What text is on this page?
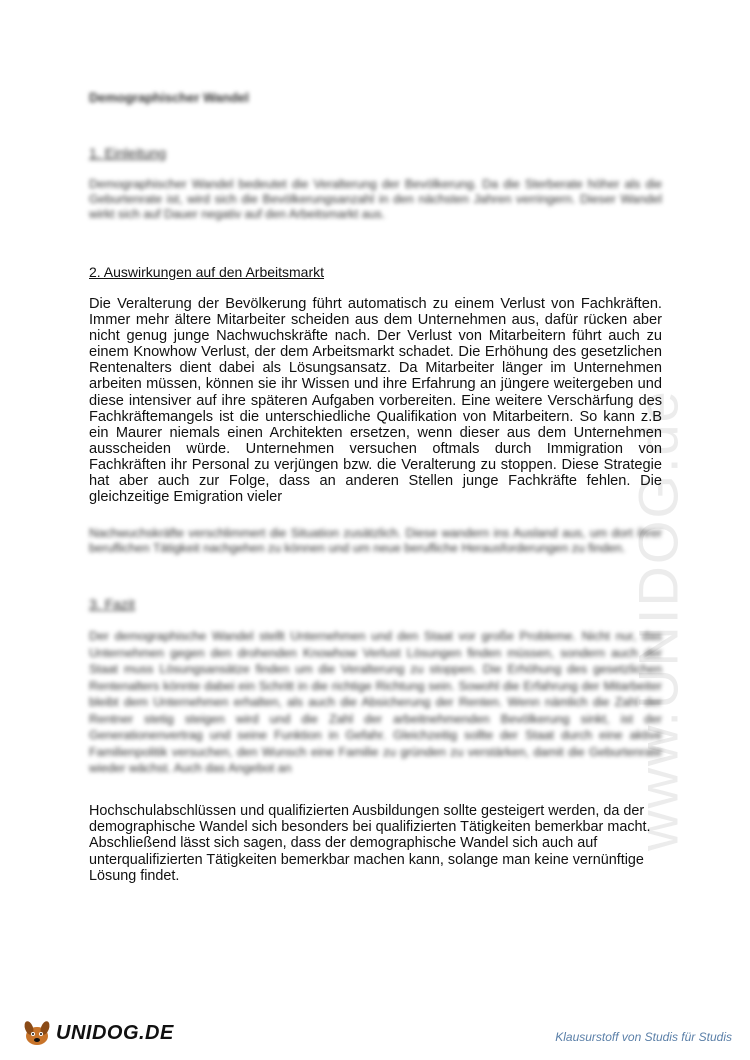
www.UNIDOG.de
Demographischer Wandel
1. Einleitung

Demographischer Wandel bedeutet die Veralterung der Bevölkerung. Da die Sterberate höher als die Geburtenrate ist, wird sich die Bevölkerungsanzahl in den nächsten Jahren verringern. Dieser Wandel wirkt sich auf Dauer negativ auf den Arbeitsmarkt aus.

2. Auswirkungen auf den Arbeitsmarkt

Die Veralterung der Bevölkerung führt automatisch zu einem Verlust von Fachkräften. Immer mehr ältere Mitarbeiter scheiden aus dem Unternehmen aus, dafür rücken aber nicht genug junge Nachwuchskräfte nach. Der Verlust von Mitarbeitern führt auch zu einem Knowhow Verlust, der dem Arbeitsmarkt schadet. Die Erhöhung des gesetzlichen Rentenalters dient dabei als Lösungsansatz. Da Mitarbeiter länger im Unternehmen arbeiten müssen, können sie ihr Wissen und ihre Erfahrung an jüngere weitergeben und diese intensiver auf ihre späteren Aufgaben vorbereiten. Eine weitere Verschärfung des Fachkräftemangels ist die unterschiedliche Qualifikation von Mitarbeitern. So kann z.B ein Maurer niemals einen Architekten ersetzen, wenn dieser aus dem Unternehmen ausscheiden würde. Unternehmen versuchen oftmals durch Immigration von Fachkräften ihr Personal zu verjüngen bzw. die Veralterung zu stoppen. Diese Strategie hat aber auch zur Folge, dass an anderen Stellen junge Fachkräfte fehlen. Die gleichzeitige Emigration vieler

Nachwuchskräfte verschlimmert die Situation zusätzlich. Diese wandern ins Ausland aus, um dort ihrer beruflichen Tätigkeit nachgehen zu können und um neue berufliche Herausforderungen zu finden.

3. Fazit

Der demographische Wandel stellt Unternehmen und den Staat vor große Probleme. Nicht nur, das Unternehmen gegen den drohenden Knowhow Verlust Lösungen finden müssen, sondern auch der Staat muss Lösungsansätze finden um die Veralterung zu stoppen. Die Erhöhung des gesetzlichen Rentenalters könnte dabei ein Schritt in die richtige Richtung sein. Sowohl die Erfahrung der Mitarbeiter bleibt dem Unternehmen erhalten, als auch die Absicherung der Renten. Wenn nämlich die Zahl der Rentner stetig steigen wird und die Zahl der arbeitnehmenden Bevölkerung sinkt, ist der Generationenvertrag und seine Funktion in Gefahr. Gleichzeitig sollte der Staat durch eine aktive Familienpolitik versuchen, den Wunsch eine Familie zu gründen zu verstärken, damit die Geburtenrate wieder wächst. Auch das Angebot an

Hochschulabschlüssen und qualifizierten Ausbildungen sollte gesteigert werden, da der demographische Wandel sich besonders bei qualifizierten Tätigkeiten bemerkbar macht. Abschließend lässt sich sagen, dass der demographische Wandel sich auch auf unterqualifizierten Tätigkeiten bemerkbar machen kann, solange man keine vernünftige Lösung findet.

UNIDOG.DE	Klausurstoff von Studis für Studis
